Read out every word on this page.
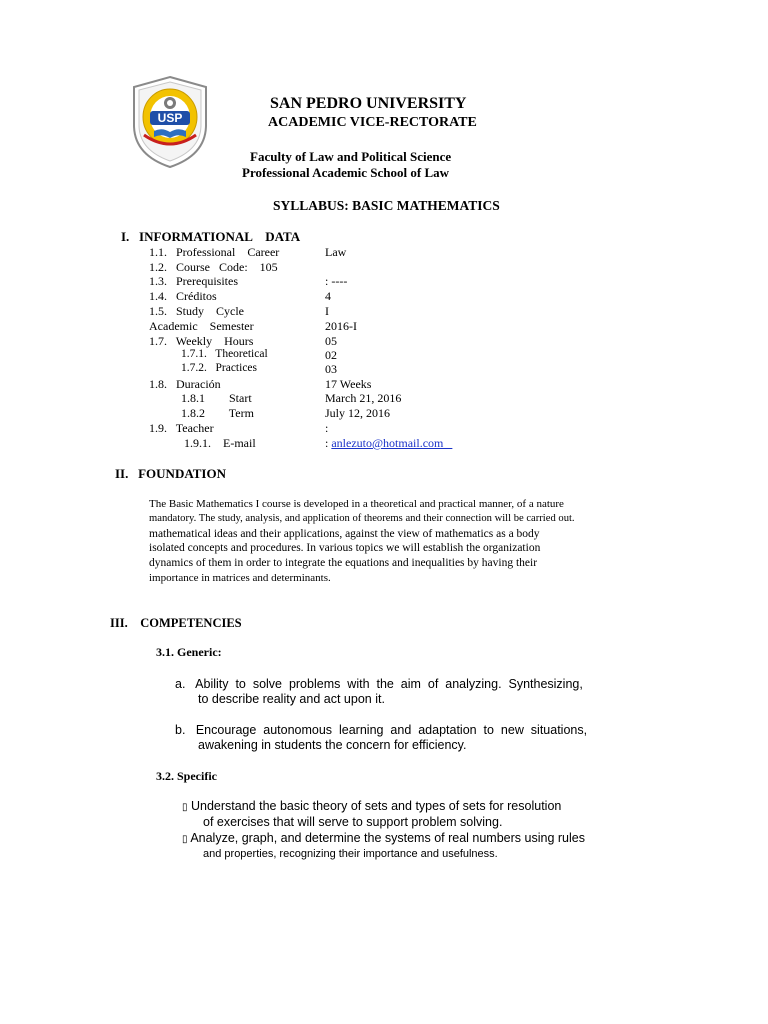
USP
SAN PEDRO UNIVERSITY
ACADEMIC VICE-RECTORATE
Faculty of Law and Political Science
Professional Academic School of Law
SYLLABUS: BASIC MATHEMATICS
I.   INFORMATIONAL    DATA
1.1.   Professional    Career	Law
1.2.   Course   Code:    105
1.3.   Prerequisites	: ----
1.4.   Créditos	4
1.5.   Study    Cycle	I
Academic    Semester	2016-I
1.7.   Weekly    Hours	05
1.7.1.   Theoretical	02
1.7.2.   Practices	03
1.8.   Duración	17 Weeks
1.8.1        Start	March 21, 2016
1.8.2        Term	July 12, 2016
1.9.   Teacher	:
1.9.1.    E-mail	: anlezuto@hotmail.com
II.   FOUNDATION

The Basic Mathematics I course is developed in a theoretical and practical manner, of a nature

mandatory. The study, analysis, and application of theorems and their connection will be carried out.

mathematical ideas and their applications, against the view of mathematics as a body

isolated concepts and procedures. In various topics we will establish the organization

dynamics of them in order to integrate the equations and inequalities by having their

importance in matrices and determinants.

III.    COMPETENCIES
3.1. Generic:
a.   Ability  to  solve  problems  with  the  aim  of  analyzing.  Synthesizing,
to describe reality and act upon it.
b.   Encourage  autonomous  learning  and  adaptation  to  new  situations,
awakening in students the concern for efficiency.
3.2. Specific
▯ Understand the basic theory of sets and types of sets for resolution
of exercises that will serve to support problem solving.
▯ Analyze, graph, and determine the systems of real numbers using rules
and properties, recognizing their importance and usefulness.
